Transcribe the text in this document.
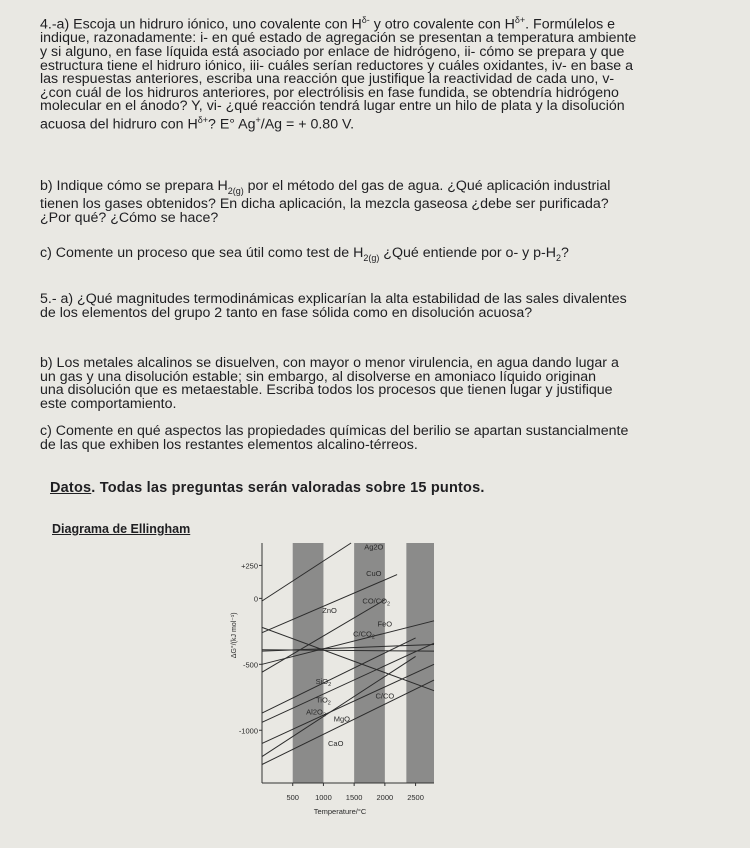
4.-a) Escoja un hidruro iónico, uno covalente con $H^{\delta-}$ y otro covalente con $H^{\delta+}$. Formúlelos e
indique, razonadamente: i- en qué estado de agregación se presentan a temperatura ambiente
y si alguno, en fase líquida está asociado por enlace de hidrógeno, ii- cómo se prepara y que
estructura tiene el hidruro iónico, iii- cuáles serían reductores y cuáles oxidantes, iv- en base a
las respuestas anteriores, escriba una reacción que justifique la reactividad de cada uno, v-
¿con cuál de los hidruros anteriores, por electrólisis en fase fundida, se obtendría hidrógeno
molecular en el ánodo? Y, vi- ¿qué reacción tendrá lugar entre un hilo de plata y la disolución
acuosa del hidruro con $H^{\delta+}$? E° Ag+/Ag = + 0.80 V.
b) Indique cómo se prepara $H_{2(g)}$ por el método del gas de agua. ¿Qué aplicación industrial
tienen los gases obtenidos? En dicha aplicación, la mezcla gaseosa ¿debe ser purificada?
¿Por qué? ¿Cómo se hace?
c) Comente un proceso que sea útil como test de $H_{2(g)}$ ¿Qué entiende por o- y $p-H_2$?
5.- a) ¿Qué magnitudes termodinámicas explicarían la alta estabilidad de las sales divalentes
de los elementos del grupo 2 tanto en fase sólida como en disolución acuosa?
b) Los metales alcalinos se disuelven, con mayor o menor virulencia, en agua dando lugar a
un gas y una disolución estable; sin embargo, al disolverse en amoniaco líquido originan
una disolución que es metaestable. Escriba todos los procesos que tienen lugar y justifique
este comportamiento.
c) Comente en qué aspectos las propiedades químicas del berilio se apartan sustancialmente
de las que exhiben los restantes elementos alcalino-térreos.
Datos. Todas las preguntas serán valoradas sobre 15 puntos.
Diagrama de Ellingham
500 1000 1500 2000 2500
+250
0
-500
-1000
Temperature/°C
ΔG°/(kJ mol⁻¹)
Ag2O
CuO
$CO/CO_2$
ZnO
FeO
$C/CO_2$
SiO$_2$
C/CO
TiO$_2$
$Al2O_3$ MgO
CaO
